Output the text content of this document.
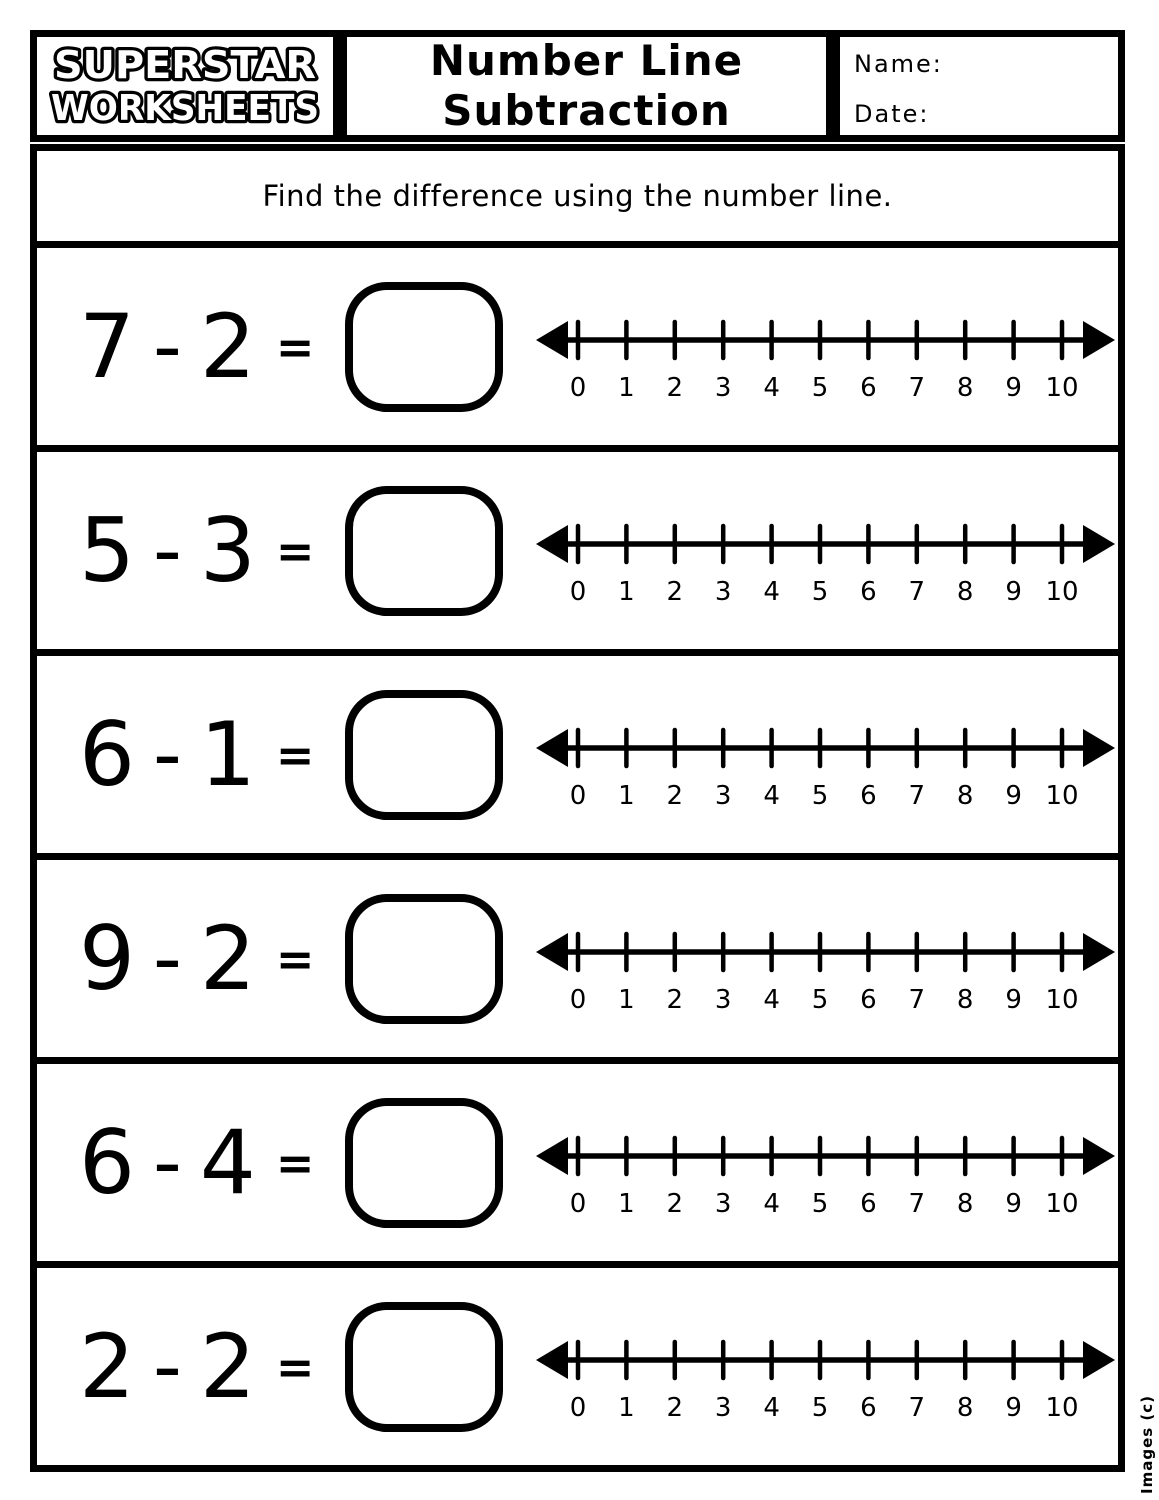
SUPERSTAR
WORKSHEETS
Number Line
Subtraction
Name:
Date:
Find the difference using the number line.
7 - 2 =
0 1 2 3 4 5 6 7 8 9 10
5 - 3 =
0 1 2 3 4 5 6 7 8 9 10
6 - 1 =
0 1 2 3 4 5 6 7 8 9 10
9 - 2 =
0 1 2 3 4 5 6 7 8 9 10
6 - 4 =
0 1 2 3 4 5 6 7 8 9 10
2 - 2 =
0 1 2 3 4 5 6 7 8 9 10	Images (c)
